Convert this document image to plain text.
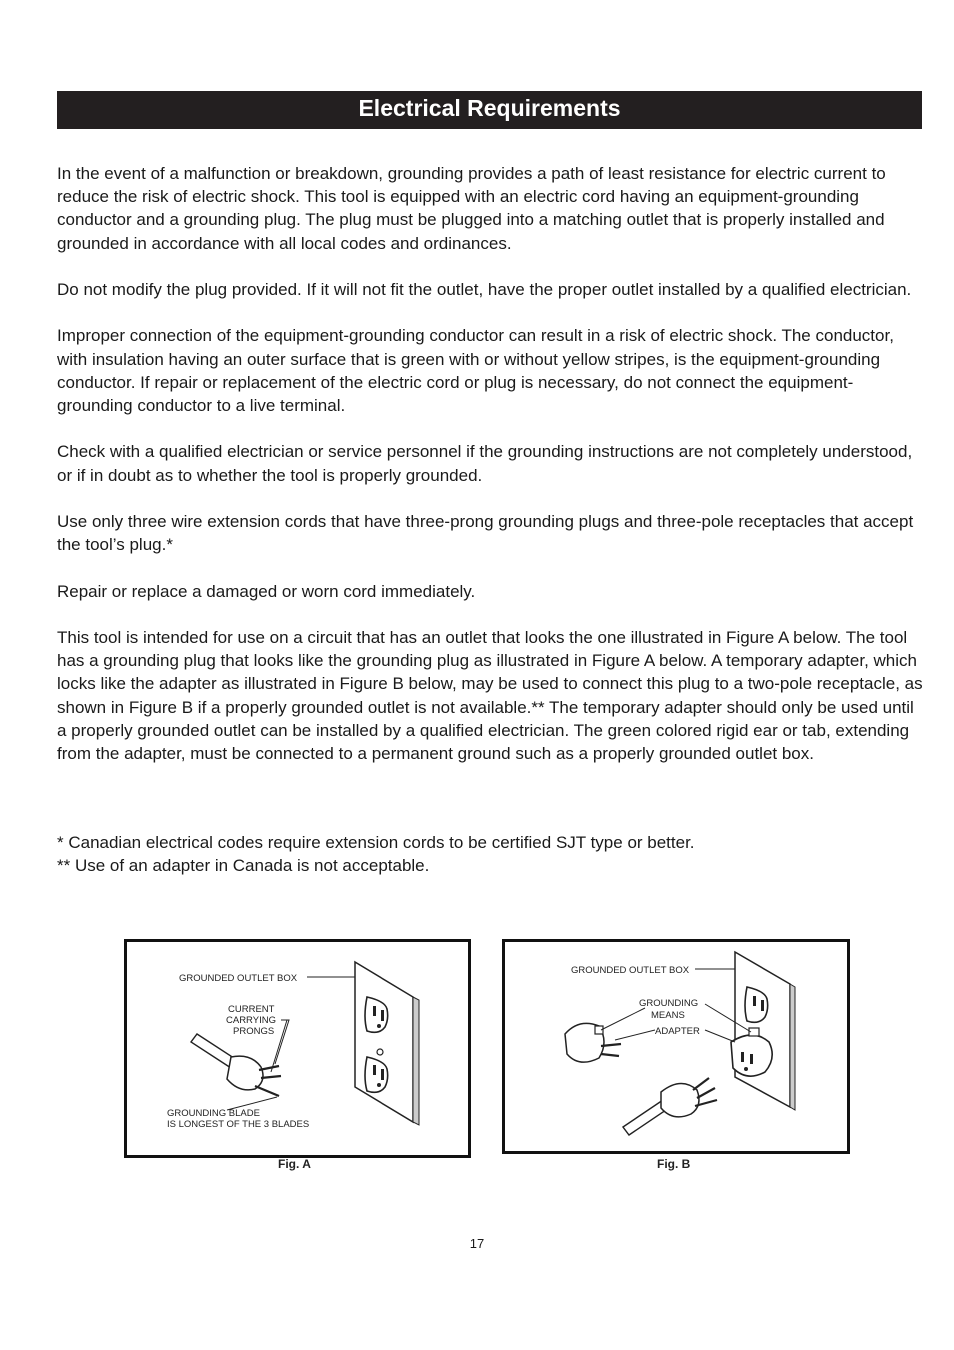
Electrical Requirements

In the event of a malfunction or breakdown, grounding provides a path of least resistance for electric current to reduce the risk of electric shock. This tool is equipped with an electric cord having an equipment-grounding conductor and a grounding plug. The plug must be plugged into a matching outlet that is properly installed and grounded in accordance with all local codes and ordinances.

Do not modify the plug provided. If it will not fit the outlet, have the proper outlet installed by a qualified electrician.

Improper connection of the equipment-grounding conductor can result in a risk of electric shock. The conductor, with insulation having an outer surface that is green with or without yellow stripes, is the equipment-grounding conductor. If repair or replacement of the electric cord or plug is necessary, do not connect the equipment-grounding conductor to a live terminal.

Check with a qualified electrician or service personnel if the grounding instructions are not completely understood, or if in doubt as to whether the tool is properly grounded.

Use only three wire extension cords that have three-prong grounding plugs and three-pole receptacles that accept the tool’s plug.*

Repair or replace a damaged or worn cord immediately.

This tool is intended for use on a circuit that has an outlet that looks the one illustrated in Figure A below. The tool has a grounding plug that looks like the grounding plug as illustrated in Figure A below. A temporary adapter, which locks like the adapter as illustrated in Figure B below, may be used to connect this plug to a two-pole receptacle, as shown in Figure B if a properly grounded outlet is not available.** The temporary adapter should only be used until a properly grounded outlet can be installed by a qualified electrician. The green colored rigid ear or tab, extending from the adapter, must be connected to a permanent ground such as a properly grounded outlet box.

* Canadian electrical codes require extension cords to be certified SJT type or better.
** Use of an adapter in Canada is not acceptable.
GROUNDED OUTLET BOX
CURRENT
CARRYING
PRONGS
GROUNDING BLADE
IS LONGEST OF THE 3 BLADES
Fig. A
GROUNDED OUTLET BOX
GROUNDING
MEANS
ADAPTER
Fig. B
17
